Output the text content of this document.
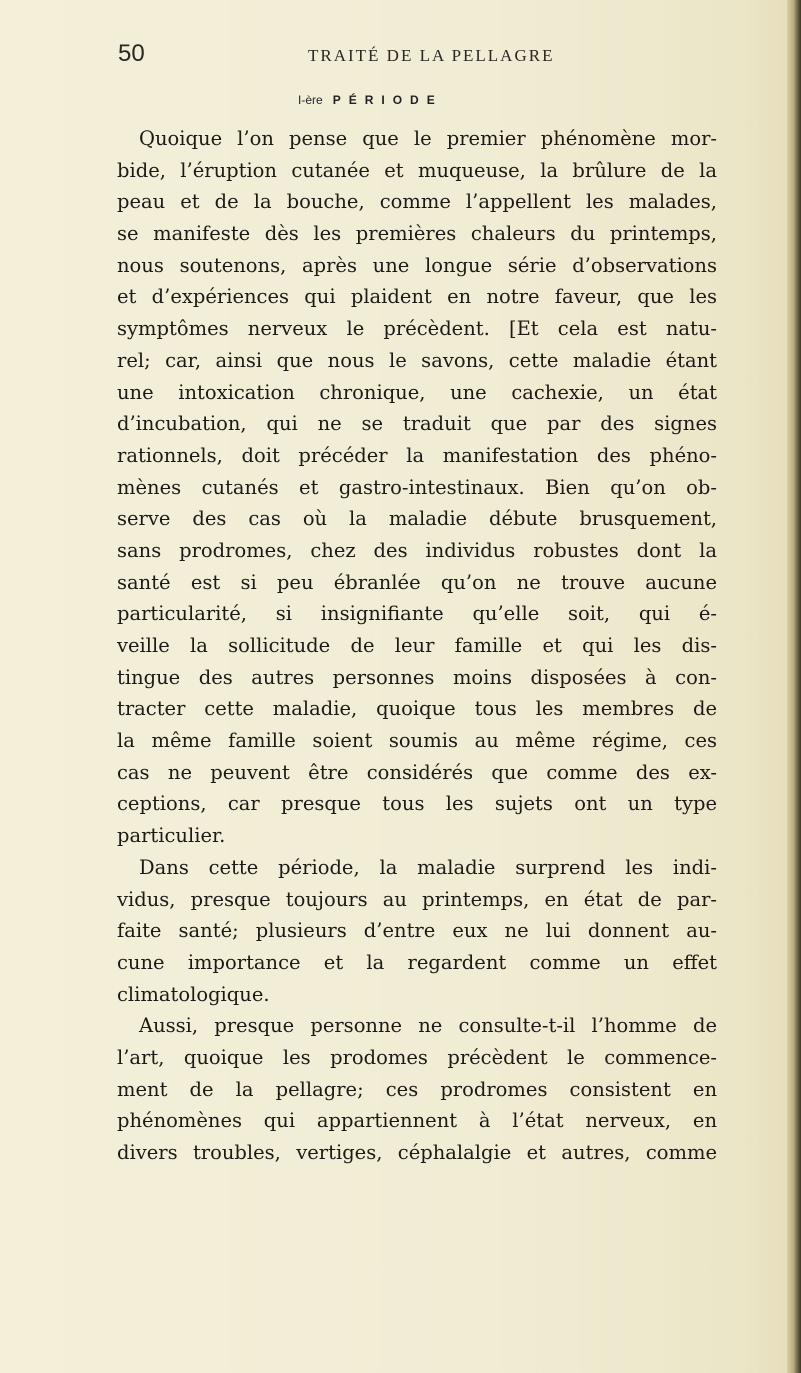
50	TRAITÉ DE LA PELLAGRE
I-ère PÉRIODE
Quoique l’on pense que le premier phénomène mor-
bide, l’éruption cutanée et muqueuse, la brûlure de la
peau et de la bouche, comme l’appellent les malades,
se manifeste dès les premières chaleurs du printemps,
nous soutenons, après une longue série d’observations
et d’expériences qui plaident en notre faveur, que les
symptômes nerveux le précèdent. [Et cela est natu-
rel; car, ainsi que nous le savons, cette maladie étant
une intoxication chronique, une cachexie, un état
d’incubation, qui ne se traduit que par des signes
rationnels, doit précéder la manifestation des phéno-
mènes cutanés et gastro-intestinaux. Bien qu’on ob-
serve des cas où la maladie débute brusquement,
sans prodromes, chez des individus robustes dont la
santé est si peu ébranlée qu’on ne trouve aucune
particularité, si insignifiante qu’elle soit, qui é-
veille la sollicitude de leur famille et qui les dis-
tingue des autres personnes moins disposées à con-
tracter cette maladie, quoique tous les membres de
la même famille soient soumis au même régime, ces
cas ne peuvent être considérés que comme des ex-
ceptions, car presque tous les sujets ont un type
particulier.
Dans cette période, la maladie surprend les indi-
vidus, presque toujours au printemps, en état de par-
faite santé; plusieurs d’entre eux ne lui donnent au-
cune importance et la regardent comme un effet
climatologique.
Aussi, presque personne ne consulte-t-il l’homme de
l’art, quoique les prodomes précèdent le commence-
ment de la pellagre; ces prodromes consistent en
phénomènes qui appartiennent à l’état nerveux, en
divers troubles, vertiges, céphalalgie et autres, comme
